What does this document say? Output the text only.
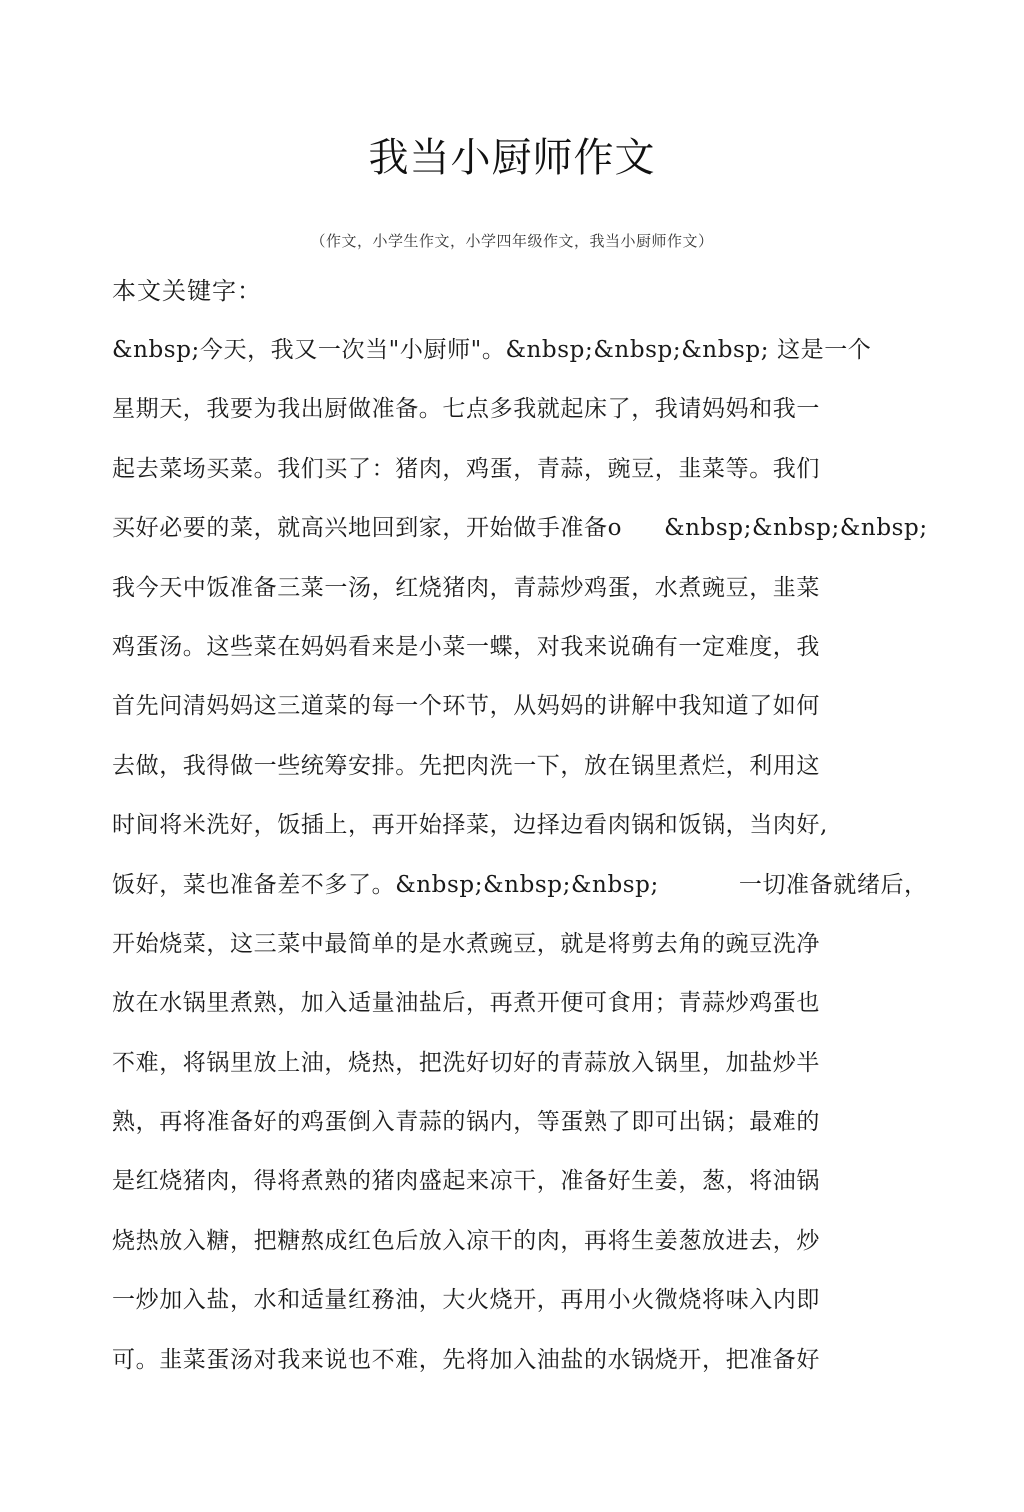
我当小厨师作文
（作文，小学生作文，小学四年级作文，我当小厨师作文）
本文关键字：
&nbsp;今天，我又一次当"小厨师"。&nbsp;&nbsp;&nbsp; 这是一个
星期天，我要为我出厨做准备。七点多我就起床了，我请妈妈和我一
起去菜场买菜。我们买了：猪肉，鸡蛋，青蒜，豌豆，韭菜等。我们
买好必要的菜，就高兴地回到家，开始做手准备o &nbsp;&nbsp;&nbsp;
我今天中饭准备三菜一汤，红烧猪肉，青蒜炒鸡蛋，水煮豌豆，韭菜
鸡蛋汤。这些菜在妈妈看来是小菜一蝶，对我来说确有一定难度，我
首先问清妈妈这三道菜的每一个环节，从妈妈的讲解中我知道了如何
去做，我得做一些统筹安排。先把肉洗一下，放在锅里煮烂，利用这
时间将米洗好，饭插上，再开始择菜，边择边看肉锅和饭锅，当肉好,
饭好，菜也准备差不多了。&nbsp;&nbsp;&nbsp;	一切准备就绪后，
开始烧菜，这三菜中最简单的是水煮豌豆，就是将剪去角的豌豆洗净
放在水锅里煮熟，加入适量油盐后，再煮开便可食用；青蒜炒鸡蛋也
不难，将锅里放上油，烧热，把洗好切好的青蒜放入锅里，加盐炒半
熟，再将准备好的鸡蛋倒入青蒜的锅内，等蛋熟了即可出锅；最难的
是红烧猪肉，得将煮熟的猪肉盛起来凉干，准备好生姜，葱，将油锅
烧热放入糖，把糖熬成红色后放入凉干的肉，再将生姜葱放进去，炒
一炒加入盐，水和适量红務油，大火烧开，再用小火微烧将味入内即
可。韭菜蛋汤对我来说也不难，先将加入油盐的水锅烧开，把准备好
